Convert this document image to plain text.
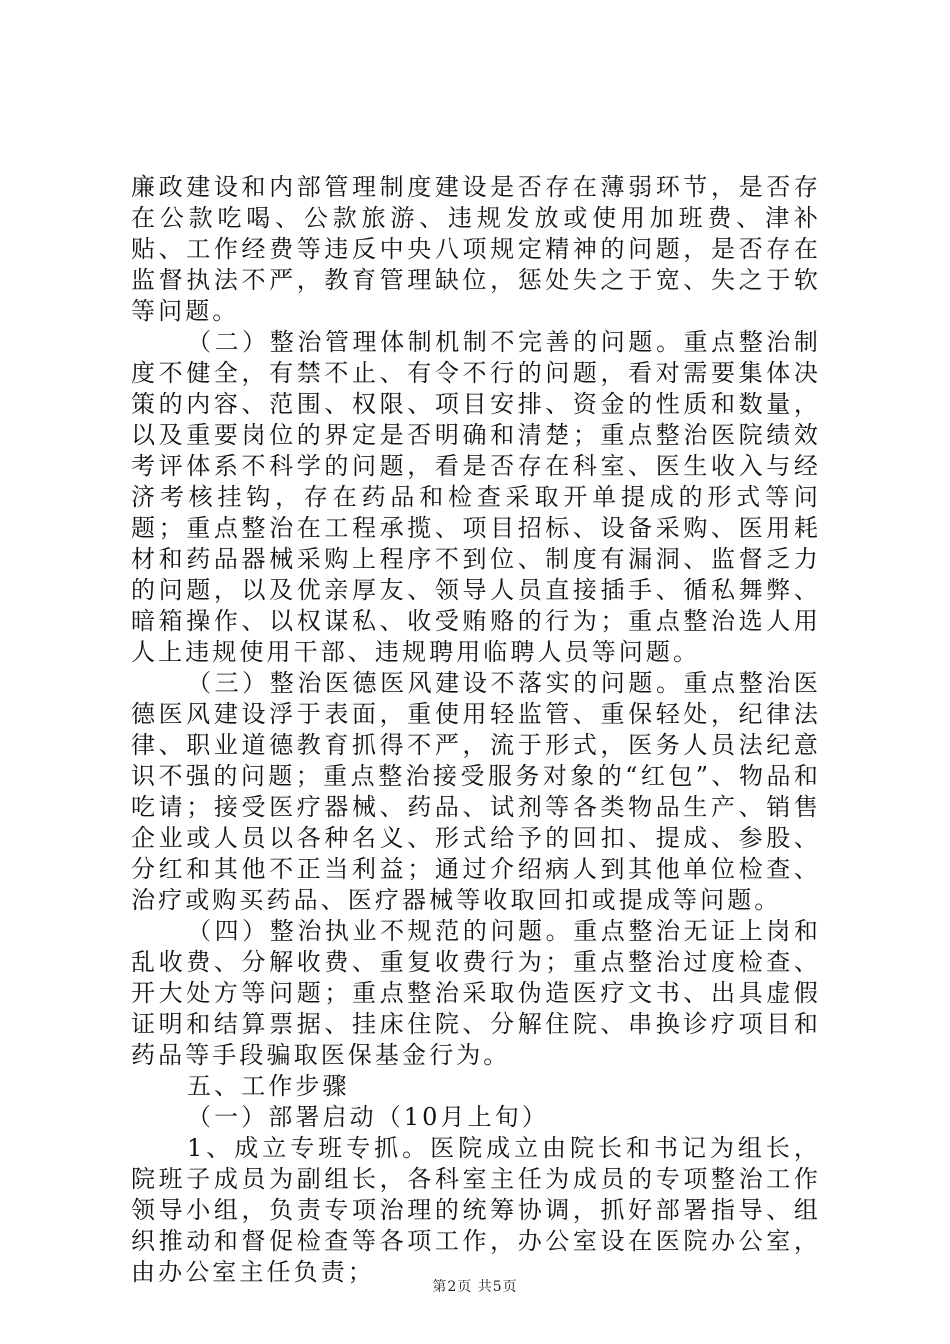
廉政建设和内部管理制度建设是否存在薄弱环节，是否存在公款吃喝、公款旅游、违规发放或使用加班费、津补贴、工作经费等违反中央八项规定精神的问题，是否存在监督执法不严，教育管理缺位，惩处失之于宽、失之于软等问题。

（二）整治管理体制机制不完善的问题。重点整治制度不健全，有禁不止、有令不行的问题，看对需要集体决策的内容、范围、权限、项目安排、资金的性质和数量，以及重要岗位的界定是否明确和清楚；重点整治医院绩效考评体系不科学的问题，看是否存在科室、医生收入与经济考核挂钩，存在药品和检查采取开单提成的形式等问题；重点整治在工程承揽、项目招标、设备采购、医用耗材和药品器械采购上程序不到位、制度有漏洞、监督乏力的问题，以及优亲厚友、领导人员直接插手、循私舞弊、暗箱操作、以权谋私、收受贿赂的行为；重点整治选人用人上违规使用干部、违规聘用临聘人员等问题。

（三）整治医德医风建设不落实的问题。重点整治医德医风建设浮于表面，重使用轻监管、重保轻处，纪律法律、职业道德教育抓得不严，流于形式，医务人员法纪意识不强的问题；重点整治接受服务对象的“红包”、物品和吃请；接受医疗器械、药品、试剂等各类物品生产、销售企业或人员以各种名义、形式给予的回扣、提成、参股、分红和其他不正当利益；通过介绍病人到其他单位检查、治疗或购买药品、医疗器械等收取回扣或提成等问题。

（四）整治执业不规范的问题。重点整治无证上岗和乱收费、分解收费、重复收费行为；重点整治过度检查、开大处方等问题；重点整治采取伪造医疗文书、出具虚假证明和结算票据、挂床住院、分解住院、串换诊疗项目和药品等手段骗取医保基金行为。

五、工作步骤

（一）部署启动（10月上旬）

1、成立专班专抓。医院成立由院长和书记为组长，院班子成员为副组长，各科室主任为成员的专项整治工作领导小组，负责专项治理的统筹协调，抓好部署指导、组织推动和督促检查等各项工作，办公室设在医院办公室，由办公室主任负责；

第2页 共5页
